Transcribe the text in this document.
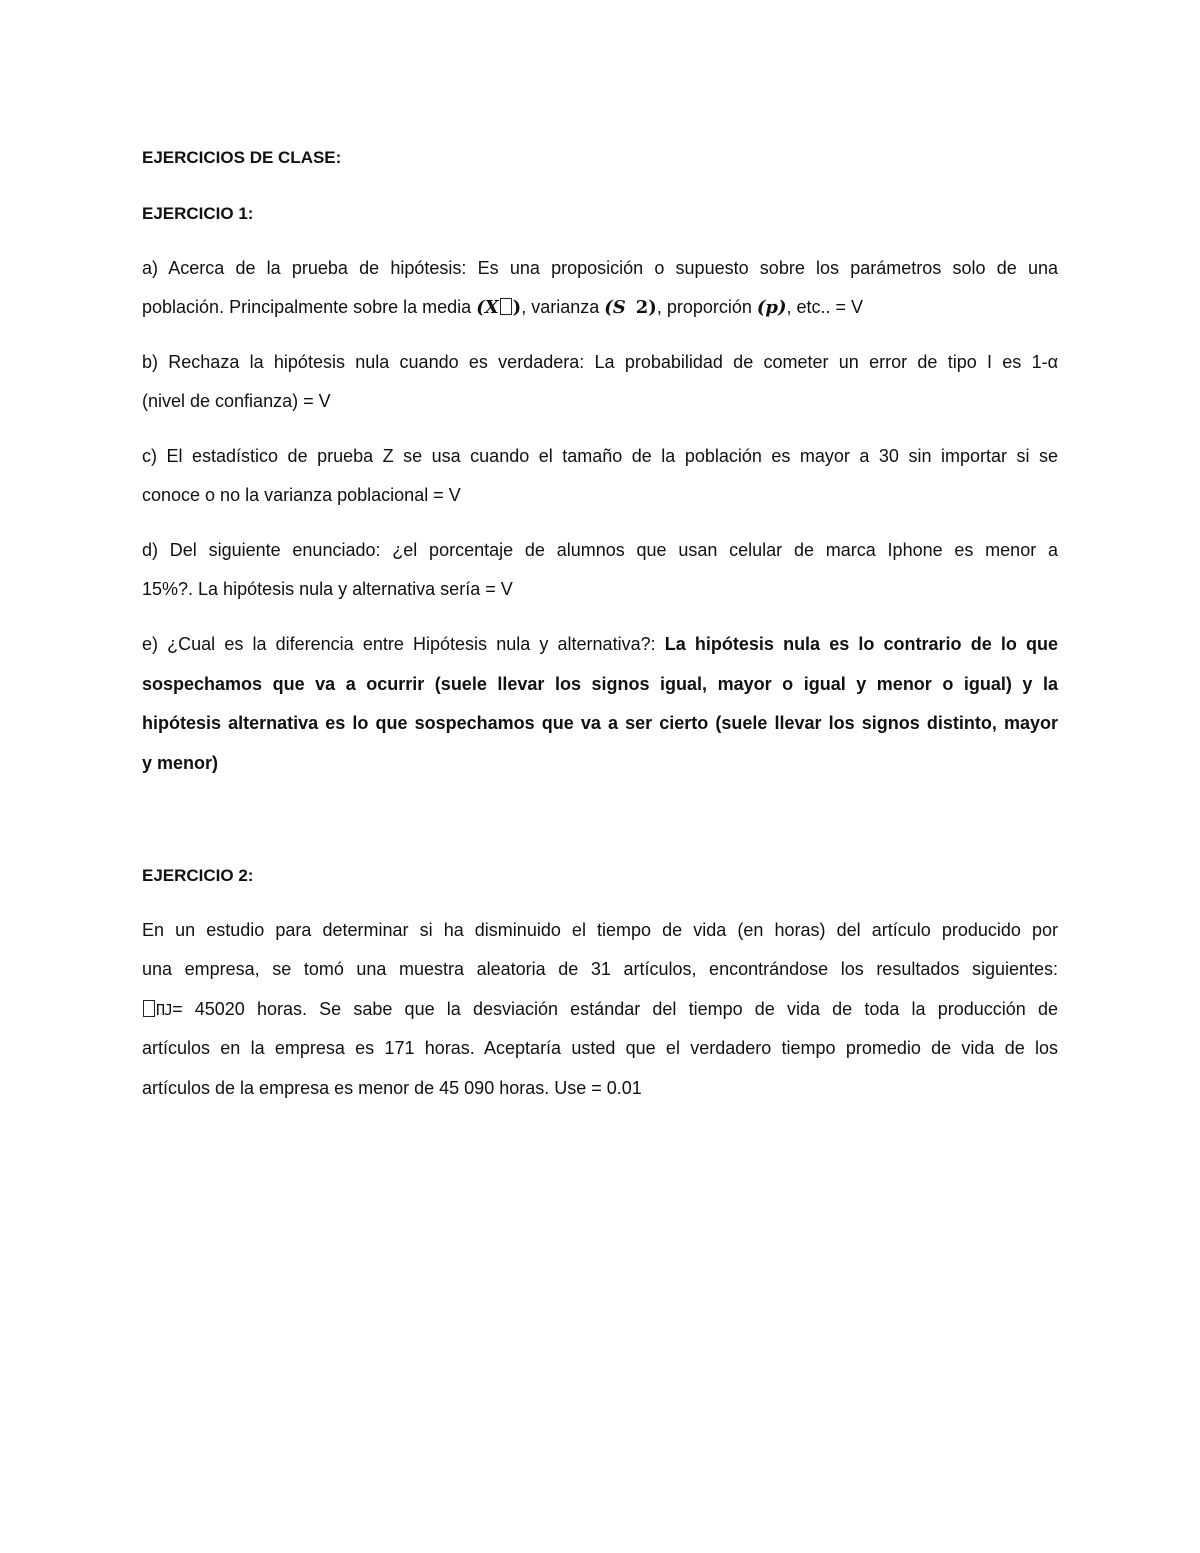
EJERCICIOS DE CLASE:

EJERCICIO 1:

a) Acerca de la prueba de hipótesis: Es una proposición o supuesto sobre los parámetros solo de una

población. Principalmente sobre la media (X ), varianza (S 2), proporción (p), etc.. = V

b) Rechaza la hipótesis nula cuando es verdadera: La probabilidad de cometer un error de tipo I es 1-α

(nivel de confianza) = V

c) El estadístico de prueba Z se usa cuando el tamaño de la población es mayor a 30 sin importar si se

conoce o no la varianza poblacional = V

d) Del siguiente enunciado: ¿el porcentaje de alumnos que usan celular de marca Iphone es menor a

15%?. La hipótesis nula y alternativa sería = V

e) ¿Cual es la diferencia entre Hipótesis nula y alternativa?: La hipótesis nula es lo contrario de lo que

sospechamos que va a ocurrir (suele llevar los signos igual, mayor o igual y menor o igual) y la

hipótesis alternativa es lo que sospechamos que va a ser cierto (suele llevar los signos distinto, mayor

y menor)

EJERCICIO 2:

En un estudio para determinar si ha disminuido el tiempo de vida (en horas) del artículo producido por

una empresa, se tomó una muestra aleatoria de 31 artículos, encontrándose los resultados siguientes:

ПЈ= 45020 horas. Se sabe que la desviación estándar del tiempo de vida de toda la producción de

artículos en la empresa es 171 horas. Aceptaría usted que el verdadero tiempo promedio de vida de los

artículos de la empresa es menor de 45 090 horas. Use = 0.01
